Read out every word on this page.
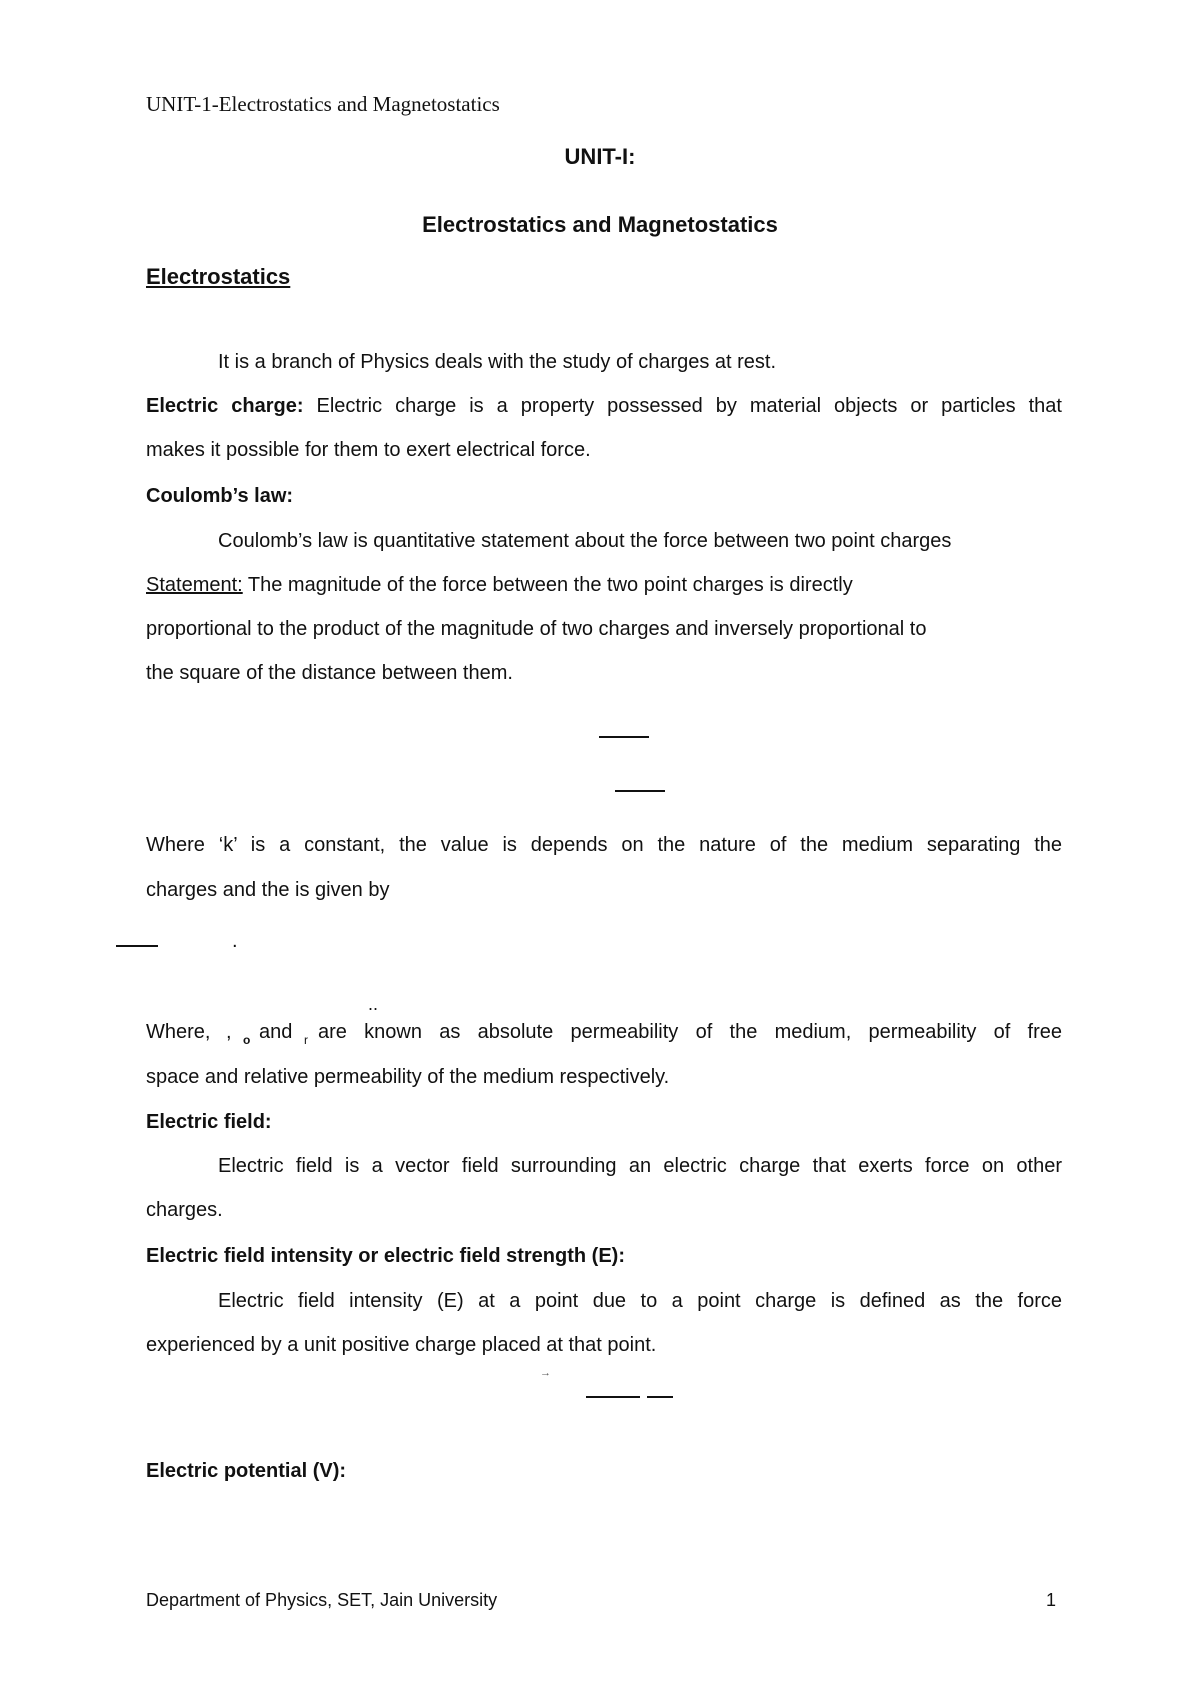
UNIT-1-Electrostatics and Magnetostatics
UNIT-I:
Electrostatics and Magnetostatics
Electrostatics
It is a branch of Physics deals with the study of charges at rest.
Electric charge: Electric charge is a property possessed by material objects or particles that
makes it possible for them to exert electrical force.
Coulomb’s law:
Coulomb’s law is quantitative statement about the force between two point charges
Statement: The magnitude of the force between the two point charges is directly
proportional to the product of the magnitude of two charges and inversely proportional to
the square of the distance between them.
Where ‘k’ is a constant, the value is depends on the nature of the medium separating the
charges and the is given by
.
..
Where, , o and r are known as absolute permeability of the medium, permeability of free
space and relative permeability of the medium respectively.
Electric field:
Electric field is a vector field surrounding an electric charge that exerts force on other
charges.
Electric field intensity or electric field strength (E):
Electric field intensity (E) at a point due to a point charge is defined as the force
experienced by a unit positive charge placed at that point.
→
Electric potential (V):
Department of Physics, SET, Jain University	1
